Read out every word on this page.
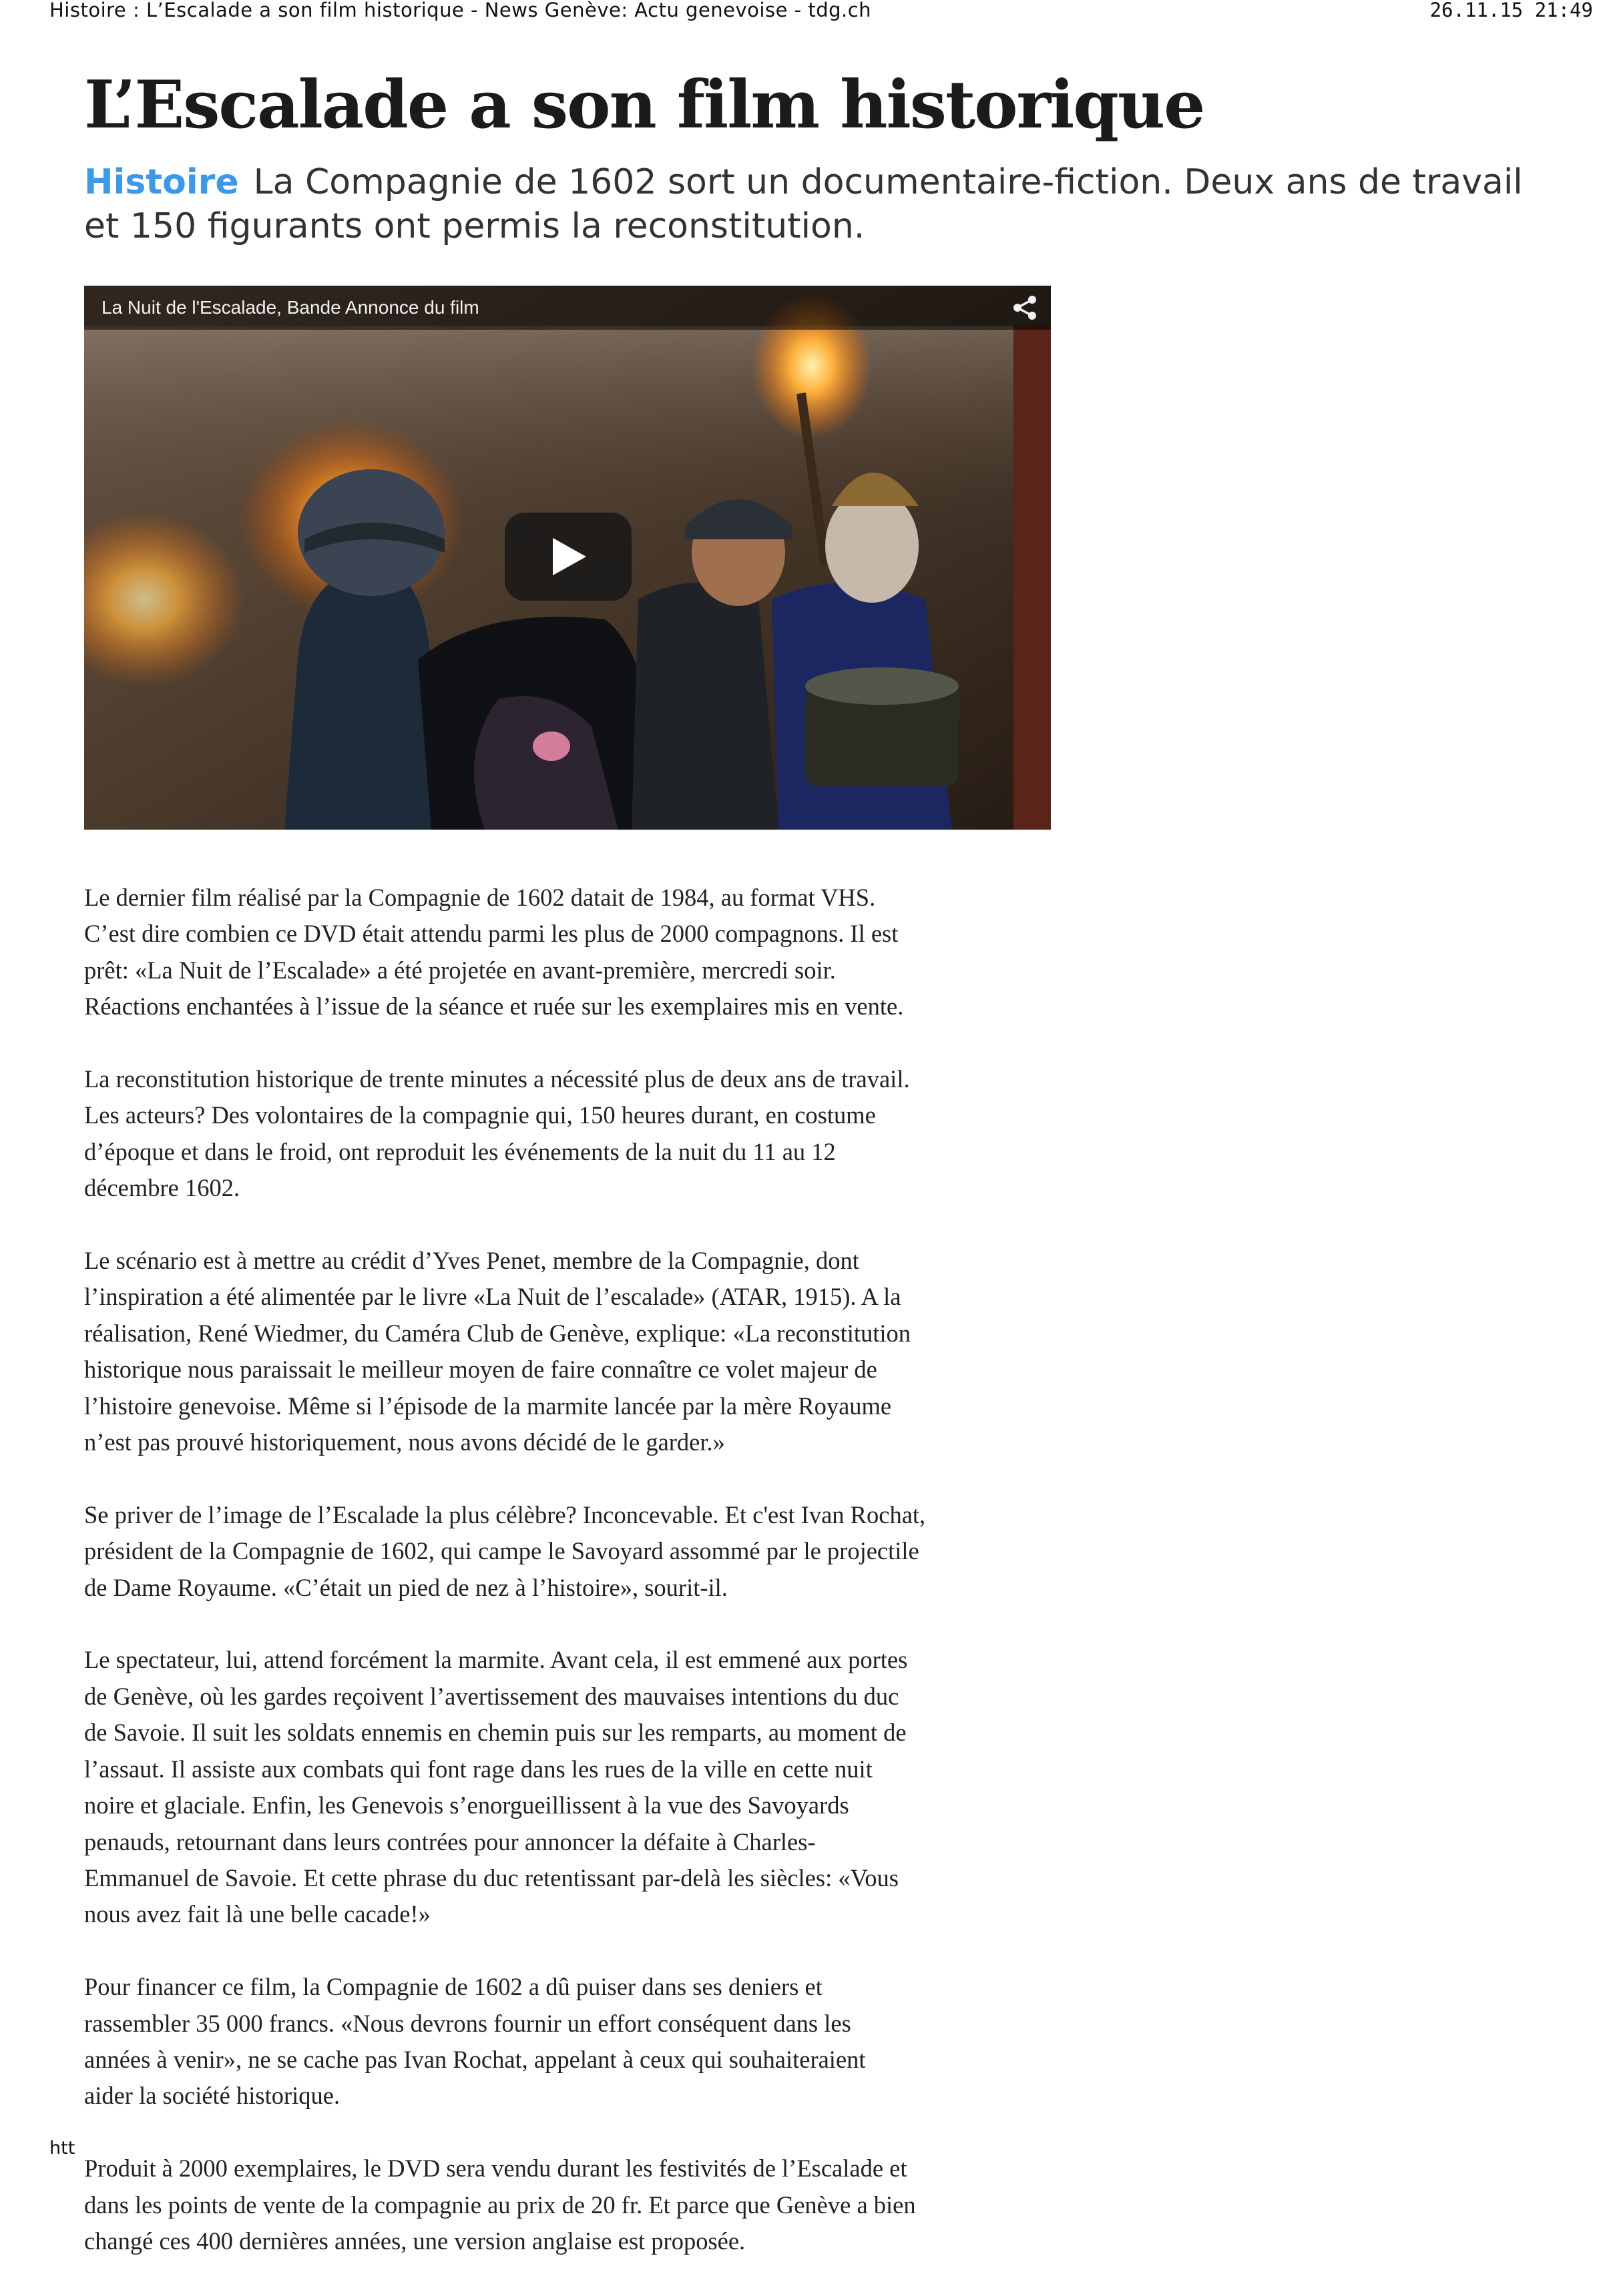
Histoire : L’Escalade a son film historique - News Genève: Actu genevoise - tdg.ch	26.11.15 21:49
L’Escalade a son film historique

Histoire La Compagnie de 1602 sort un documentaire-fiction. Deux ans de travail et 150 figurants ont permis la reconstitution.

La Nuit de l'Escalade, Bande Annonce du film

Le dernier film réalisé par la Compagnie de 1602 datait de 1984, au format VHS.
C’est dire combien ce DVD était attendu parmi les plus de 2000 compagnons. Il est
prêt: «La Nuit de l’Escalade» a été projetée en avant-première, mercredi soir.
Réactions enchantées à l’issue de la séance et ruée sur les exemplaires mis en vente.

La reconstitution historique de trente minutes a nécessité plus de deux ans de travail.
Les acteurs? Des volontaires de la compagnie qui, 150 heures durant, en costume
d’époque et dans le froid, ont reproduit les événements de la nuit du 11 au 12
décembre 1602.

Le scénario est à mettre au crédit d’Yves Penet, membre de la Compagnie, dont
l’inspiration a été alimentée par le livre «La Nuit de l’escalade» (ATAR, 1915). A la
réalisation, René Wiedmer, du Caméra Club de Genève, explique: «La reconstitution
historique nous paraissait le meilleur moyen de faire connaître ce volet majeur de
l’histoire genevoise. Même si l’épisode de la marmite lancée par la mère Royaume
n’est pas prouvé historiquement, nous avons décidé de le garder.»

Se priver de l’image de l’Escalade la plus célèbre? Inconcevable. Et c'est Ivan Rochat,
président de la Compagnie de 1602, qui campe le Savoyard assommé par le projectile
de Dame Royaume. «C’était un pied de nez à l’histoire», sourit-il.

Le spectateur, lui, attend forcément la marmite. Avant cela, il est emmené aux portes
de Genève, où les gardes reçoivent l’avertissement des mauvaises intentions du duc
de Savoie. Il suit les soldats ennemis en chemin puis sur les remparts, au moment de
l’assaut. Il assiste aux combats qui font rage dans les rues de la ville en cette nuit
noire et glaciale. Enfin, les Genevois s’enorgueillissent à la vue des Savoyards
penauds, retournant dans leurs contrées pour annoncer la défaite à Charles-
Emmanuel de Savoie. Et cette phrase du duc retentissant par-delà les siècles: «Vous
nous avez fait là une belle cacade!»

Pour financer ce film, la Compagnie de 1602 a dû puiser dans ses deniers et
rassembler 35 000 francs. «Nous devrons fournir un effort conséquent dans les
années à venir», ne se cache pas Ivan Rochat, appelant à ceux qui souhaiteraient
aider la société historique.

Produit à 2000 exemplaires, le DVD sera vendu durant les festivités de l’Escalade et
dans les points de vente de la compagnie au prix de 20 fr. Et parce que Genève a bien
changé ces 400 dernières années, une version anglaise est proposée.

htt
